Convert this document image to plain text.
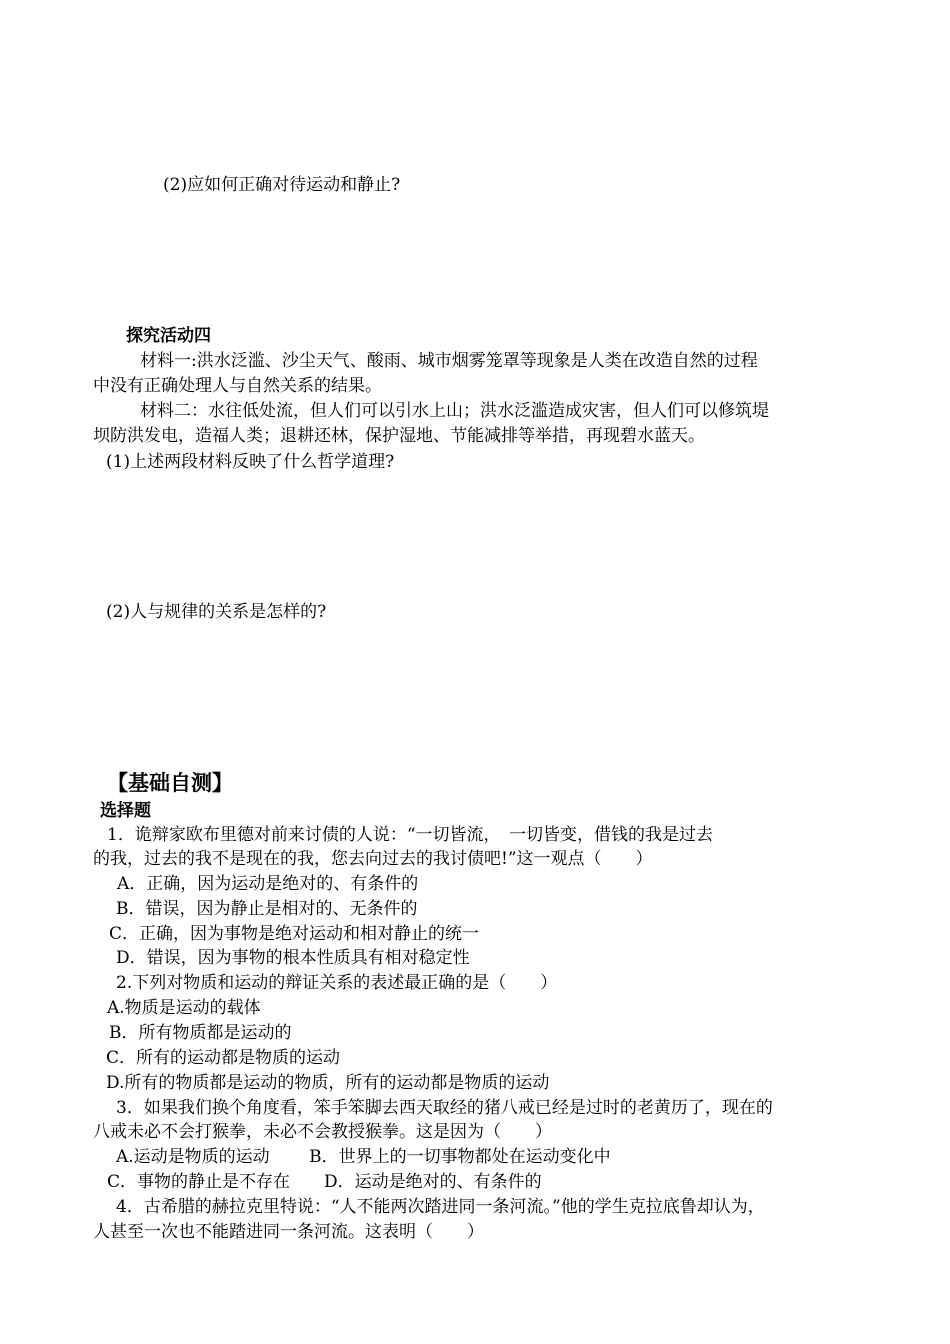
(2)应如何正确对待运动和静止?
探究活动四
材料一:洪水泛滥、沙尘天气、酸雨、城市烟雾笼罩等现象是人类在改造自然的过程
中没有正确处理人与自然关系的结果。
材料二：水往低处流，但人们可以引水上山；洪水泛滥造成灾害，但人们可以修筑堤
坝防洪发电，造福人类；退耕还林，保护湿地、节能减排等举措，再现碧水蓝天。
(1)上述两段材料反映了什么哲学道理?
(2)人与规律的关系是怎样的?
【基础自测】
选择题
1．诡辩家欧布里德对前来讨债的人说：“一切皆流，　一切皆变，借钱的我是过去
的我，过去的我不是现在的我，您去向过去的我讨债吧!”这一观点（　　）
A．正确，因为运动是绝对的、有条件的
B．错误，因为静止是相对的、无条件的
C．正确，因为事物是绝对运动和相对静止的统一
D．错误，因为事物的根本性质具有相对稳定性
2.下列对物质和运动的辩证关系的表述最正确的是（　　）
A.物质是运动的载体
B．所有物质都是运动的
C．所有的运动都是物质的运动
D.所有的物质都是运动的物质，所有的运动都是物质的运动
3．如果我们换个角度看，笨手笨脚去西天取经的猪八戒已经是过时的老黄历了，现在的
八戒未必不会打猴拳，未必不会教授猴拳。这是因为（　　）
A.运动是物质的运动　　 B．世界上的一切事物都处在运动变化中
C．事物的静止是不存在　　D．运动是绝对的、有条件的
4．古希腊的赫拉克里特说：“人不能两次踏进同一条河流。”他的学生克拉底鲁却认为，
人甚至一次也不能踏进同一条河流。这表明（　　）
